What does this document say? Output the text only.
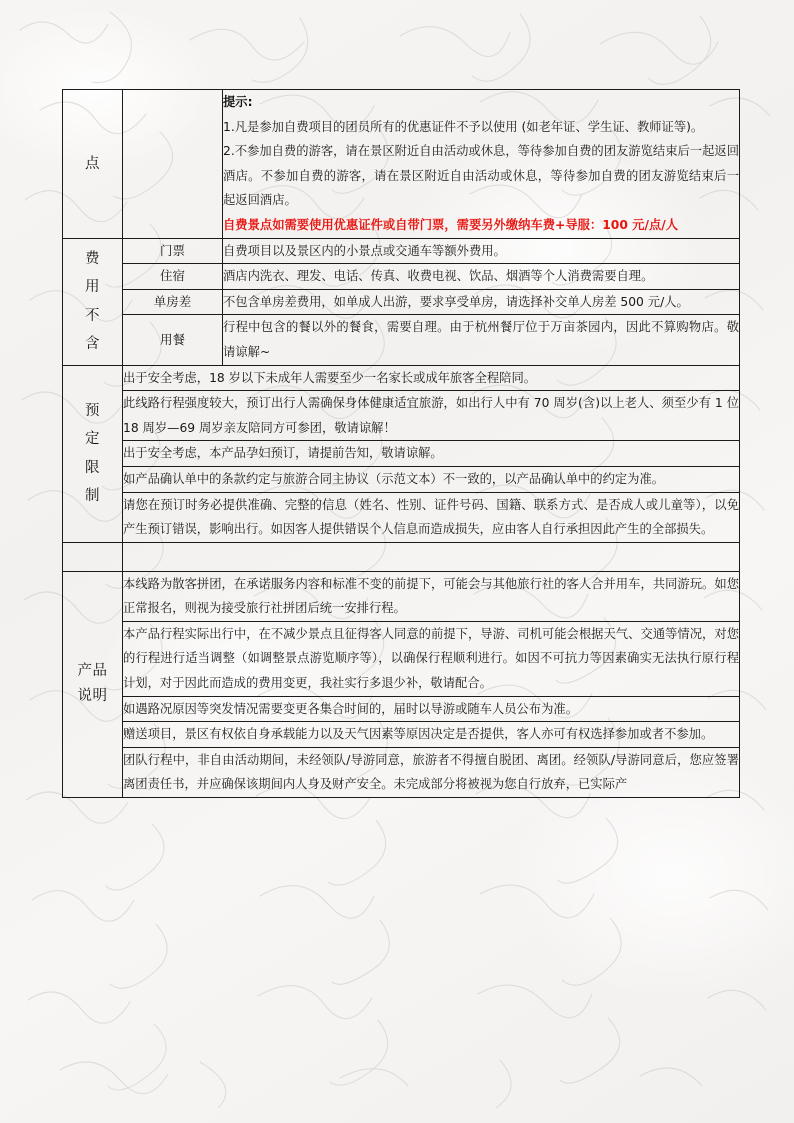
点		提示:

1.凡是参加自费项目的团员所有的优惠证件不予以使用 (如老年证、学生证、教师证等)。

2.不参加自费的游客，请在景区附近自由活动或休息，等待参加自费的团友游览结束后一起返回酒店。不参加自费的游客，请在景区附近自由活动或休息，等待参加自费的团友游览结束后一起返回酒店。

自费景点如需要使用优惠证件或自带门票，需要另外缴纳车费+导服：100 元/点/人

费
用
不
含	门票	自费项目以及景区内的小景点或交通车等额外费用。
	住宿	酒店内洗衣、理发、电话、传真、收费电视、饮品、烟酒等个人消费需要自理。
	单房差	不包含单房差费用，如单成人出游，要求享受单房，请选择补交单人房差 500 元/人。
	用餐	行程中包含的餐以外的餐食，需要自理。由于杭州餐厅位于万亩茶园内，因此不算购物店。敬请谅解~

预
定
限
制	出于安全考虑，18 岁以下未成年人需要至少一名家长或成年旅客全程陪同。	
	此线路行程强度较大，预订出行人需确保身体健康适宜旅游，如出行人中有 70 周岁(含)以上老人、须至少有 1 位 18 周岁—69 周岁亲友陪同方可参团，敬请谅解！	
	出于安全考虑，本产品孕妇预订，请提前告知，敬请谅解。	
	如产品确认单中的条款约定与旅游合同主协议（示范文本）不一致的，以产品确认单中的约定为准。	
	请您在预订时务必提供准确、完整的信息（姓名、性别、证件号码、国籍、联系方式、是否成人或儿童等），以免产生预订错误，影响出行。如因客人提供错误个人信息而造成损失，应由客人自行承担因此产生的全部损失。	

产品
说明	本线路为散客拼团，在承诺服务内容和标准不变的前提下，可能会与其他旅行社的客人合并用车，共同游玩。如您正常报名，则视为接受旅行社拼团后统一安排行程。	
	本产品行程实际出行中，在不减少景点且征得客人同意的前提下，导游、司机可能会根据天气、交通等情况，对您的行程进行适当调整（如调整景点游览顺序等），以确保行程顺利进行。如因不可抗力等因素确实无法执行原行程计划，对于因此而造成的费用变更，我社实行多退少补，敬请配合。	
	如遇路况原因等突发情况需要变更各集合时间的，届时以导游或随车人员公布为准。	
	赠送项目，景区有权依自身承载能力以及天气因素等原因决定是否提供，客人亦可有权选择参加或者不参加。	
	团队行程中，非自由活动期间，未经领队/导游同意，旅游者不得擅自脱团、离团。经领队/导游同意后，您应签署离团责任书，并应确保该期间内人身及财产安全。未完成部分将被视为您自行放弃，已实际产	
